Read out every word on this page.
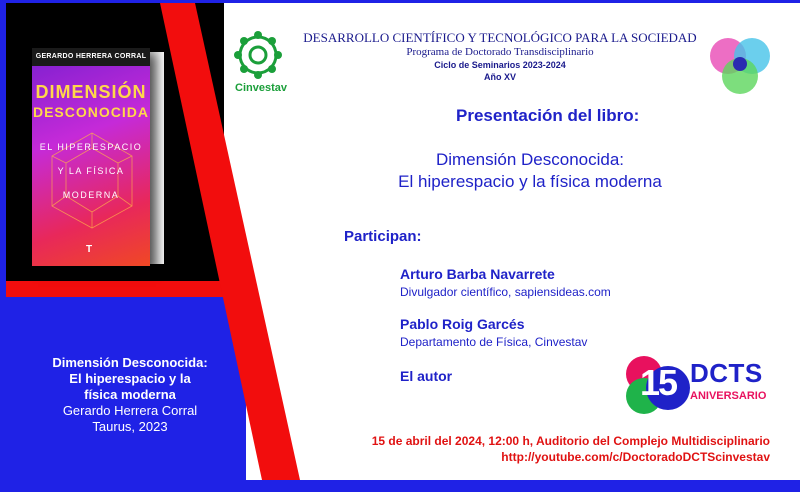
GERARDO HERRERA CORRAL
DIMENSIÓN
DESCONOCIDA
EL HIPERESPACIO
Y LA FÍSICA
MODERNA
T
Dimensión Desconocida:
El hiperespacio y la
física moderna
Gerardo Herrera Corral
Taurus, 2023
Cinvestav
DESARROLLO CIENTÍFICO Y TECNOLÓGICO PARA LA SOCIEDAD
Programa de Doctorado Transdisciplinario
Ciclo de Seminarios 2023-2024
Año XV
Presentación del libro:
Dimensión Desconocida:
El hiperespacio y la física moderna
Participan:
Arturo Barba Navarrete
Divulgador científico, sapiensideas.com
Pablo Roig Garcés
Departamento de Física, Cinvestav
El autor	15 DCTS
ANIVERSARIO
15 de abril del 2024, 12:00 h, Auditorio del Complejo Multidisciplinario
http://youtube.com/c/DoctoradoDCTScinvestav
